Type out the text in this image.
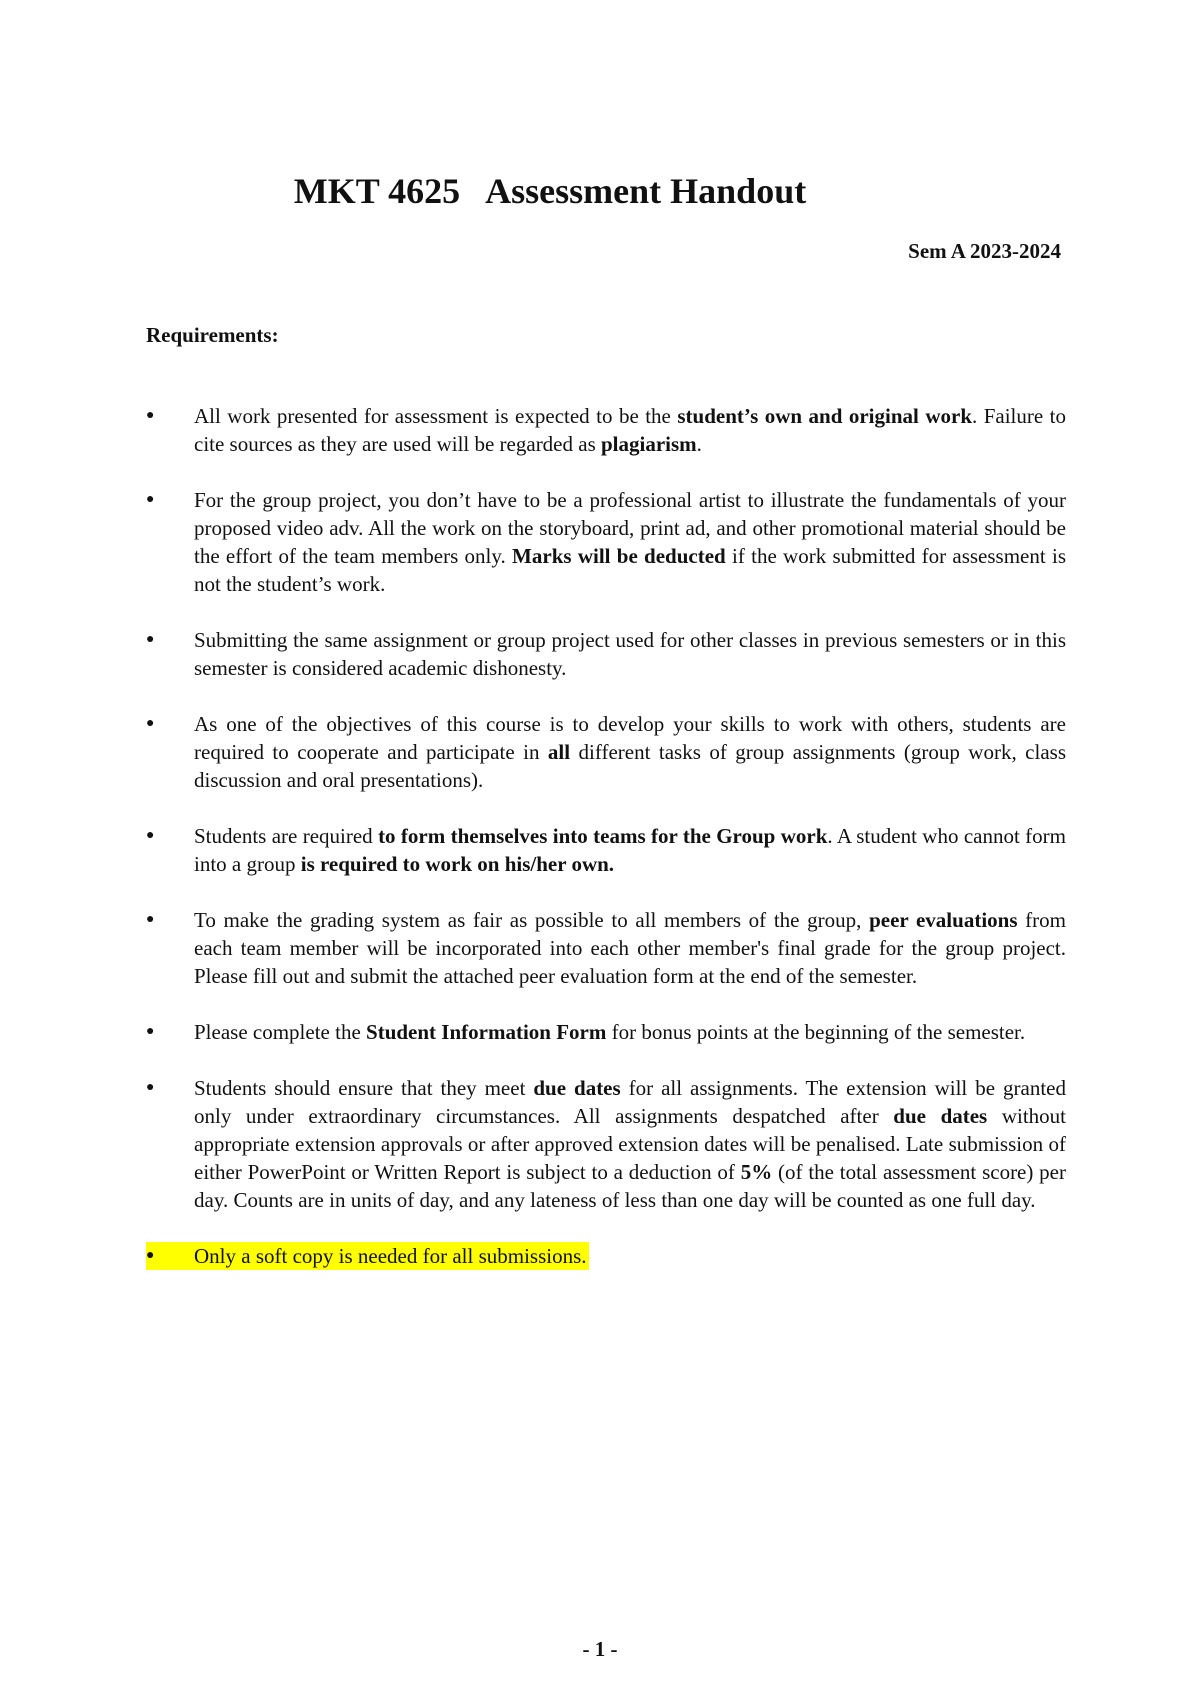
MKT 4625   Assessment Handout
Sem A 2023-2024
Requirements:
●	All work presented for assessment is expected to be the student’s own and original work. Failure to cite sources as they are used will be regarded as plagiarism.
●	For the group project, you don’t have to be a professional artist to illustrate the fundamentals of your proposed video adv. All the work on the storyboard, print ad, and other promotional material should be the effort of the team members only. Marks will be deducted if the work submitted for assessment is not the student’s work.
●	Submitting the same assignment or group project used for other classes in previous semesters or in this semester is considered academic dishonesty.
●	As one of the objectives of this course is to develop your skills to work with others, students are required to cooperate and participate in all different tasks of group assignments (group work, class discussion and oral presentations).
●	Students are required to form themselves into teams for the Group work. A student who cannot form into a group is required to work on his/her own.
●	To make the grading system as fair as possible to all members of the group, peer evaluations from each team member will be incorporated into each other member's final grade for the group project. Please fill out and submit the attached peer evaluation form at the end of the semester.
●	Please complete the Student Information Form for bonus points at the beginning of the semester.
●	Students should ensure that they meet due dates for all assignments. The extension will be granted only under extraordinary circumstances. All assignments despatched after due dates without appropriate extension approvals or after approved extension dates will be penalised. Late submission of either PowerPoint or Written Report is subject to a deduction of 5% (of the total assessment score) per day. Counts are in units of day, and any lateness of less than one day will be counted as one full day.
●	Only a soft copy is needed for all submissions.
- 1 -
